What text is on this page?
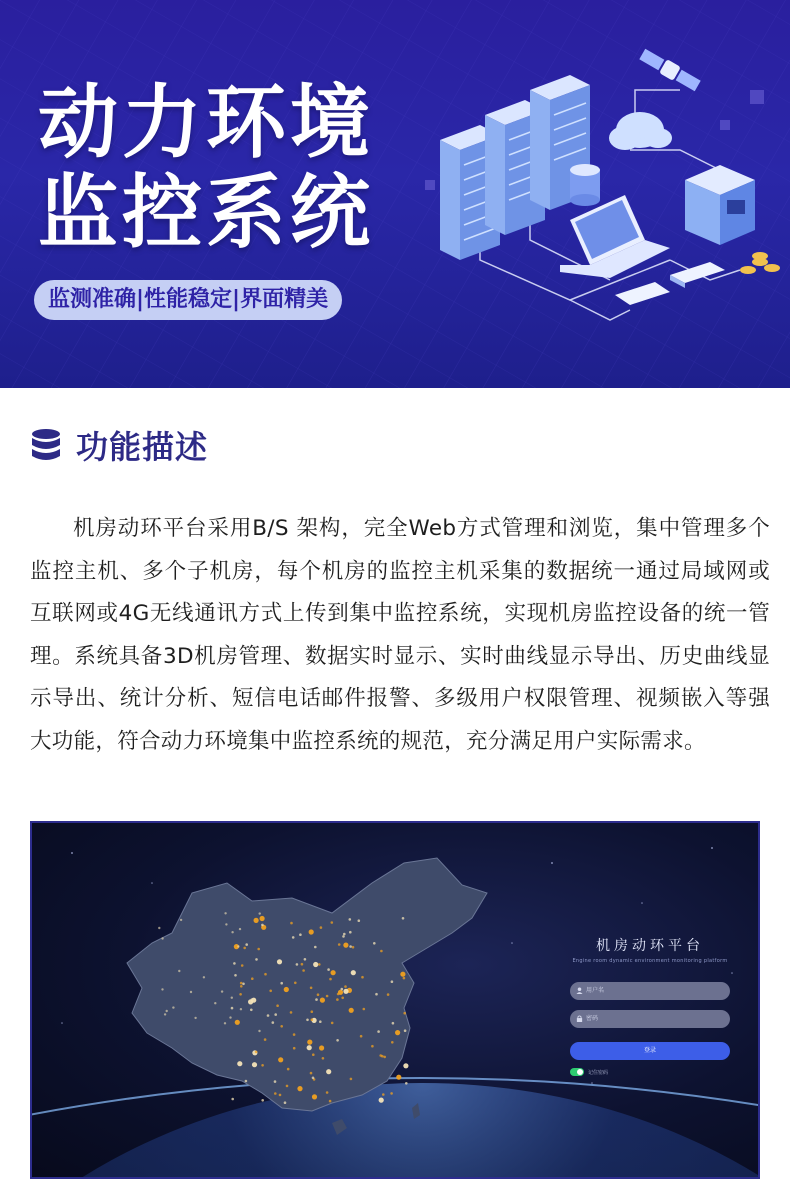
动力环境
监控系统
监测准确|性能稳定|界面精美
功能描述

机房动环平台采用B/S 架构，完全Web方式管理和浏览，集中管理多个监控主机、多个子机房，每个机房的监控主机采集的数据统一通过局域网或互联网或4G无线通讯方式上传到集中监控系统，实现机房监控设备的统一管理。系统具备3D机房管理、数据实时显示、实时曲线显示导出、历史曲线显示导出、统计分析、短信电话邮件报警、多级用户权限管理、视频嵌入等强大功能，符合动力环境集中监控系统的规范，充分满足用户实际需求。

机房动环平台
Engine room dynamic environment monitoring platform
用户名
密码
登录
记住密码
